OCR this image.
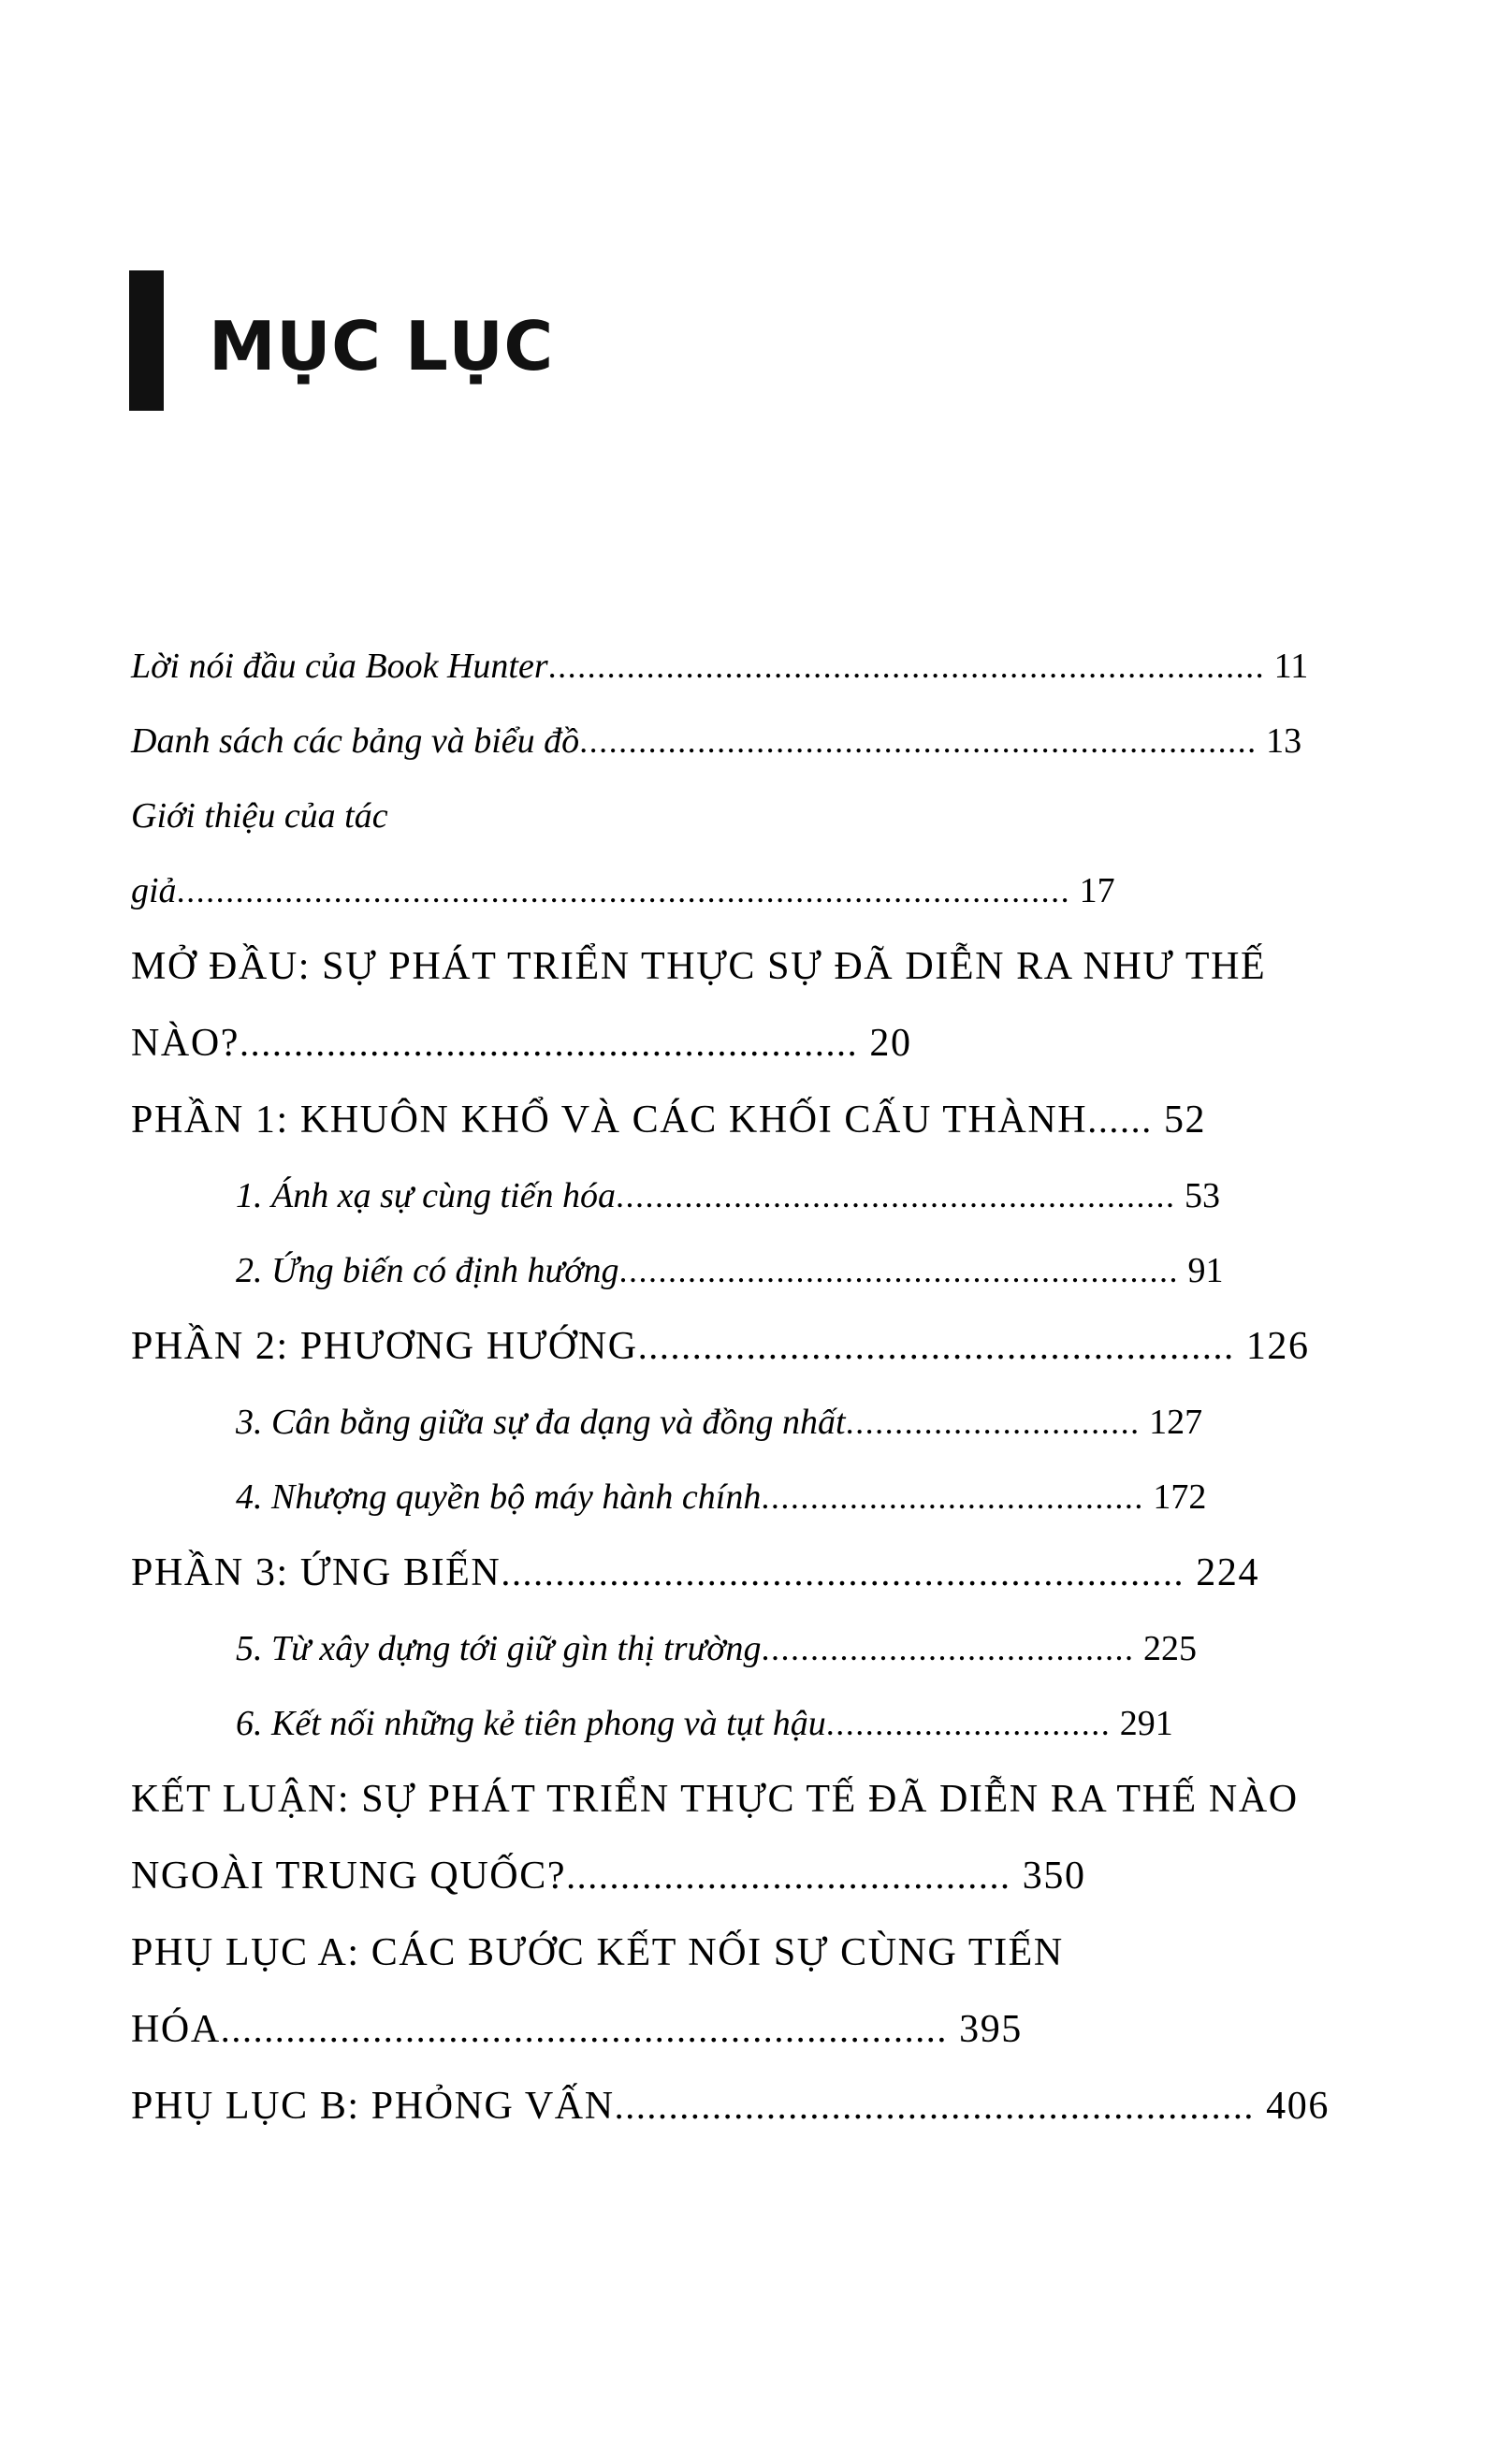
MỤC LỤC
Lời nói đầu của Book Hunter......................................................................... 11
Danh sách các bảng và biểu đồ..................................................................... 13
Giới thiệu của tác giả........................................................................................... 17
MỞ ĐẦU: SỰ PHÁT TRIỂN THỰC SỰ ĐÃ DIỄN RA NHƯ THẾ NÀO?......................................................... 20
PHẦN 1: KHUÔN KHỔ VÀ CÁC KHỐI CẤU THÀNH...... 52
1. Ánh xạ sự cùng tiến hóa......................................................... 53
2. Ứng biến có định hướng......................................................... 91
PHẦN 2: PHƯƠNG HƯỚNG....................................................... 126
3. Cân bằng giữa sự đa dạng và đồng nhất.............................. 127
4. Nhượng quyền bộ máy hành chính....................................... 172
PHẦN 3: ỨNG BIẾN............................................................... 224
5. Từ xây dựng tới giữ gìn thị trường...................................... 225
6. Kết nối những kẻ tiên phong và tụt hậu............................. 291
KẾT LUẬN: SỰ PHÁT TRIỂN THỰC TẾ ĐÃ DIỄN RA THẾ NÀO NGOÀI TRUNG QUỐC?......................................... 350
PHỤ LỤC A: CÁC BƯỚC KẾT NỐI SỰ CÙNG TIẾN HÓA................................................................... 395
PHỤ LỤC B: PHỎNG VẤN........................................................... 406
